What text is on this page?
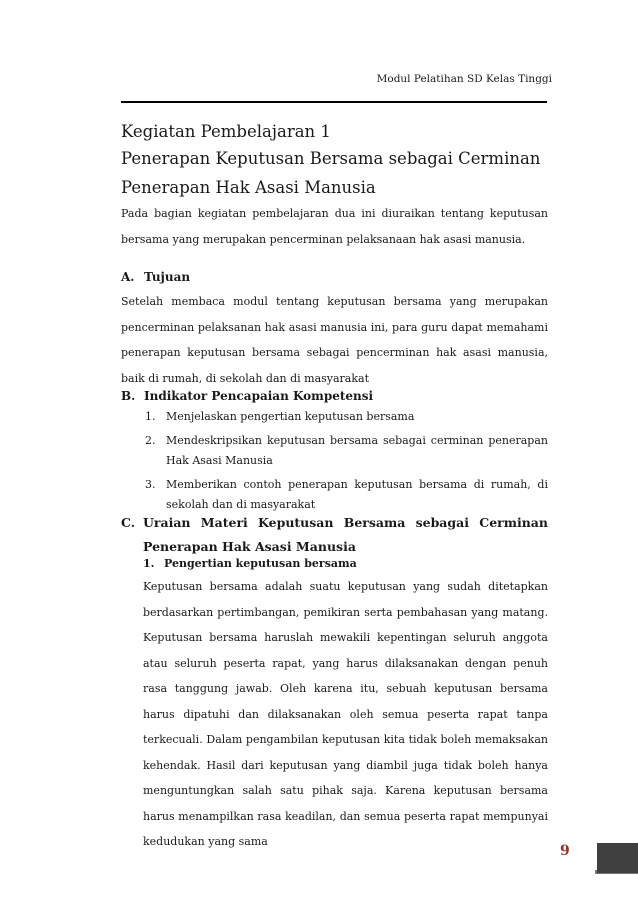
Modul Pelatihan SD Kelas Tinggi
Kegiatan Pembelajaran 1
Penerapan Keputusan Bersama sebagai Cerminan
Penerapan Hak Asasi Manusia
Pada bagian kegiatan pembelajaran dua ini diuraikan tentang keputusan bersama yang merupakan pencerminan pelaksanaan hak asasi manusia.
A. Tujuan
Setelah membaca modul tentang keputusan bersama yang merupakan pencerminan pelaksanan hak asasi manusia ini, para guru dapat memahami penerapan keputusan bersama sebagai pencerminan hak asasi manusia, baik di rumah, di sekolah dan di masyarakat
B. Indikator Pencapaian Kompetensi
1. Menjelaskan pengertian keputusan bersama
2. Mendeskripsikan keputusan bersama sebagai cerminan penerapan Hak Asasi Manusia
3. Memberikan contoh penerapan keputusan bersama di rumah, di sekolah dan di masyarakat
C. Uraian Materi Keputusan Bersama sebagai Cerminan Penerapan Hak Asasi Manusia
1. Pengertian keputusan bersama
Keputusan bersama adalah suatu keputusan yang sudah ditetapkan berdasarkan pertimbangan, pemikiran serta pembahasan yang matang. Keputusan bersama haruslah mewakili kepentingan seluruh anggota atau seluruh peserta rapat, yang harus dilaksanakan dengan penuh rasa tanggung jawab. Oleh karena itu, sebuah keputusan bersama harus dipatuhi dan dilaksanakan oleh semua peserta rapat tanpa terkecuali. Dalam pengambilan keputusan kita tidak boleh memaksakan kehendak. Hasil dari keputusan yang diambil juga tidak boleh hanya menguntungkan salah satu pihak saja. Karena keputusan bersama harus menampilkan rasa keadilan, dan semua peserta rapat mempunyai kedudukan yang sama
9
